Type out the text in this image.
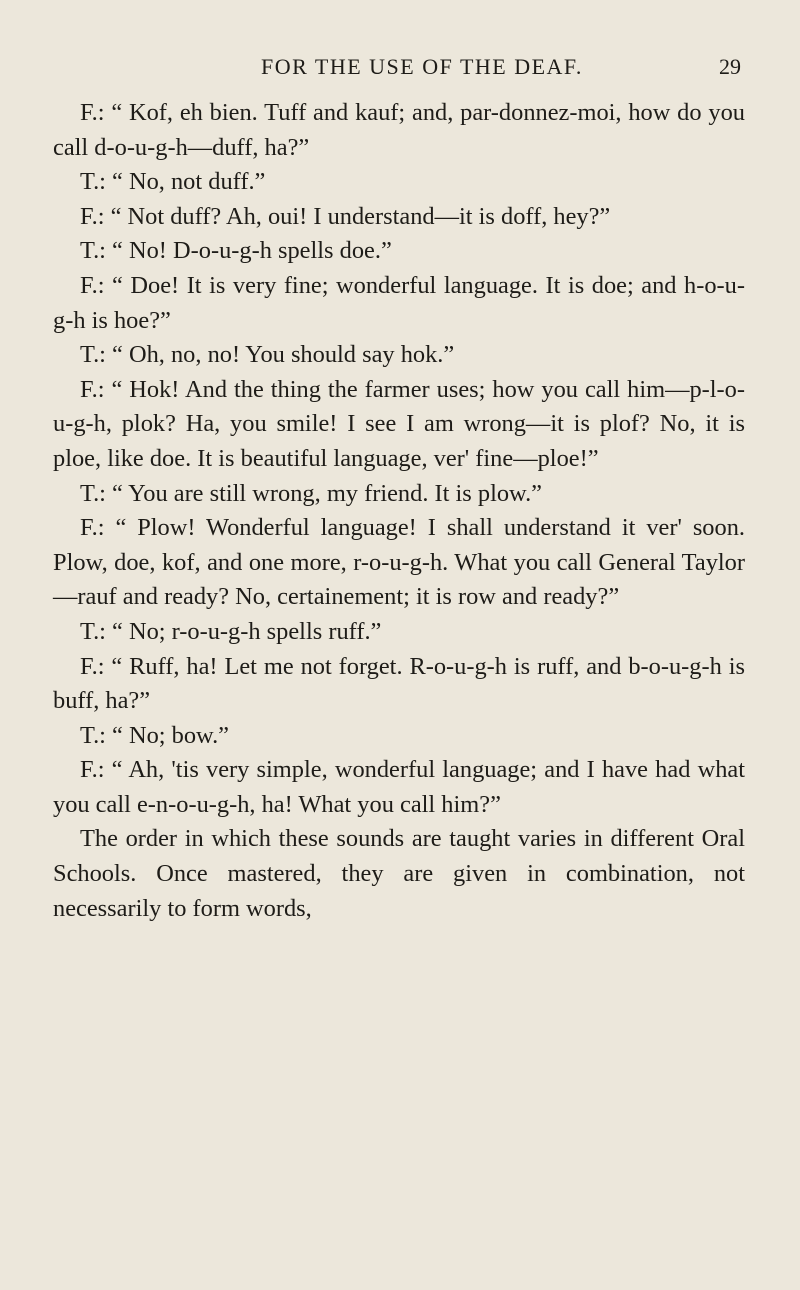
FOR THE USE OF THE DEAF.	29

F.: “ Kof, eh bien. Tuff and kauf; and, par-donnez-moi, how do you call d-o-u-g-h—duff, ha?”

T.: “ No, not duff.”

F.: “ Not duff? Ah, oui! I understand—it is doff, hey?”

T.: “ No! D-o-u-g-h spells doe.”

F.: “ Doe! It is very fine; wonderful language. It is doe; and h-o-u-g-h is hoe?”

T.: “ Oh, no, no! You should say hok.”

F.: “ Hok! And the thing the farmer uses; how you call him—p-l-o-u-g-h, plok? Ha, you smile! I see I am wrong—it is plof? No, it is ploe, like doe. It is beautiful language, ver' fine—ploe!”

T.: “ You are still wrong, my friend. It is plow.”

F.: “ Plow! Wonderful language! I shall understand it ver' soon. Plow, doe, kof, and one more, r-o-u-g-h. What you call General Taylor—rauf and ready? No, certainement; it is row and ready?”

T.: “ No; r-o-u-g-h spells ruff.”

F.: “ Ruff, ha! Let me not forget. R-o-u-g-h is ruff, and b-o-u-g-h is buff, ha?”

T.: “ No; bow.”

F.: “ Ah, 'tis very simple, wonderful language; and I have had what you call e-n-o-u-g-h, ha! What you call him?”

The order in which these sounds are taught varies in different Oral Schools. Once mastered, they are given in combination, not necessarily to form words,
